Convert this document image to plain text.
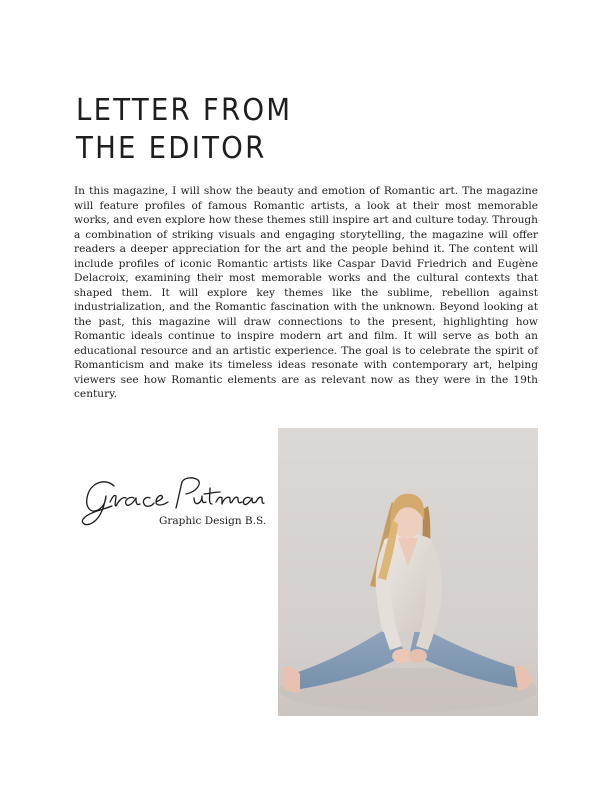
LETTER FROM
THE EDITOR

In this magazine, I will show the beauty and emotion of Romantic art. The magazine will feature profiles of famous Romantic artists, a look at their most memorable works, and even explore how these themes still inspire art and culture today. Through a combination of striking visuals and engaging storytelling, the magazine will offer readers a deeper appreciation for the art and the people behind it. The content will include profiles of iconic Romantic artists like Caspar David Friedrich and Eugène Delacroix, examining their most memorable works and the cultural contexts that shaped them. It will explore key themes like the sublime, rebellion against industrialization, and the Romantic fascination with the unknown. Beyond looking at the past, this magazine will draw connections to the present, highlighting how Romantic ideals continue to inspire modern art and film. It will serve as both an educational resource and an artistic experience. The goal is to celebrate the spirit of Romanticism and make its timeless ideas resonate with contemporary art, helping viewers see how Romantic elements are as relevant now as they were in the 19th century.

Graphic Design B.S.
